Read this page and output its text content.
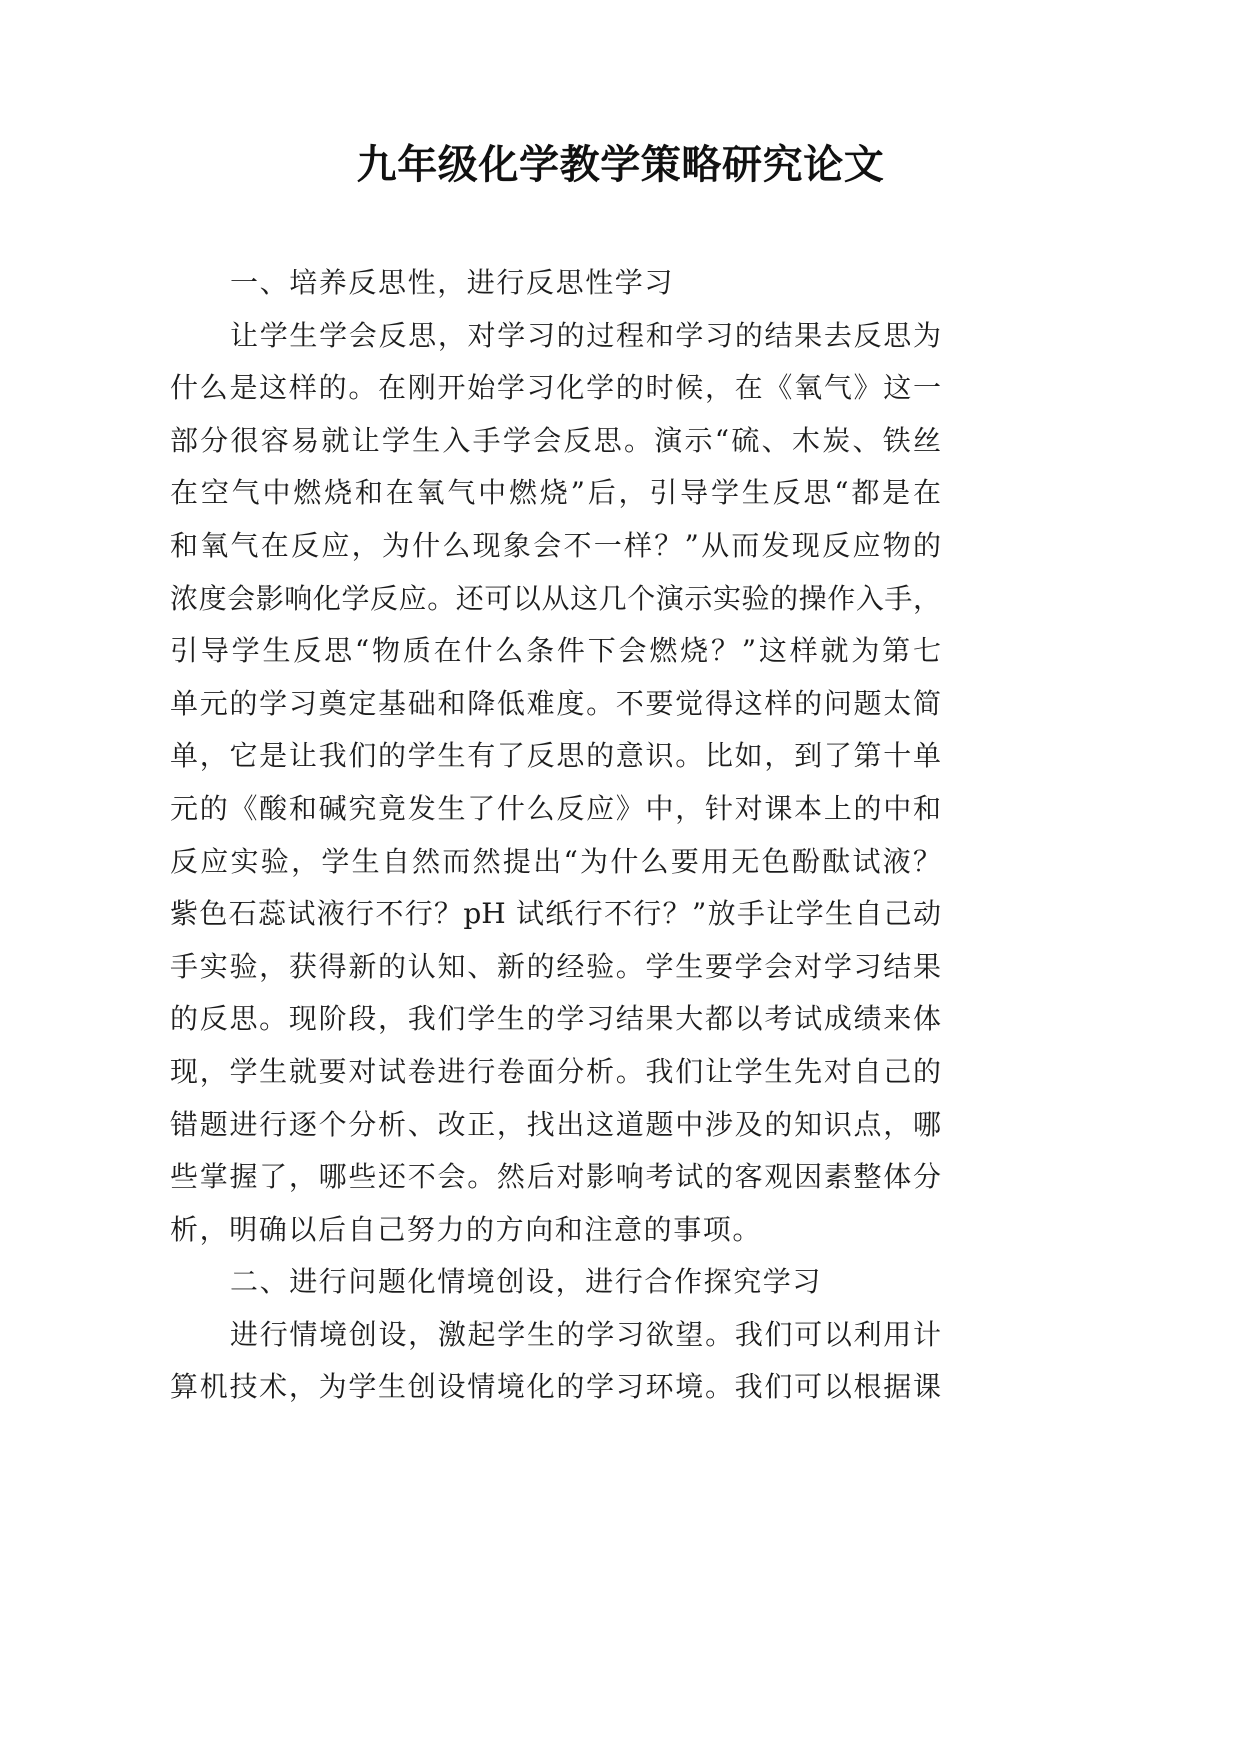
九年级化学教学策略研究论文
一、培养反思性，进行反思性学习
让学生学会反思，对学习的过程和学习的结果去反思为
什么是这样的。在刚开始学习化学的时候，在《氧气》这一
部分很容易就让学生入手学会反思。演示“硫、木炭、铁丝
在空气中燃烧和在氧气中燃烧”后，引导学生反思“都是在
和氧气在反应，为什么现象会不一样？”从而发现反应物的
浓度会影响化学反应。还可以从这几个演示实验的操作入手，
引导学生反思“物质在什么条件下会燃烧？”这样就为第七
单元的学习奠定基础和降低难度。不要觉得这样的问题太简
单，它是让我们的学生有了反思的意识。比如，到了第十单
元的《酸和碱究竟发生了什么反应》中，针对课本上的中和
反应实验，学生自然而然提出“为什么要用无色酚酞试液？
紫色石蕊试液行不行？pH 试纸行不行？”放手让学生自己动
手实验，获得新的认知、新的经验。学生要学会对学习结果
的反思。现阶段，我们学生的学习结果大都以考试成绩来体
现，学生就要对试卷进行卷面分析。我们让学生先对自己的
错题进行逐个分析、改正，找出这道题中涉及的知识点，哪
些掌握了，哪些还不会。然后对影响考试的客观因素整体分
析，明确以后自己努力的方向和注意的事项。
二、进行问题化情境创设，进行合作探究学习
进行情境创设，激起学生的学习欲望。我们可以利用计
算机技术，为学生创设情境化的学习环境。我们可以根据课
